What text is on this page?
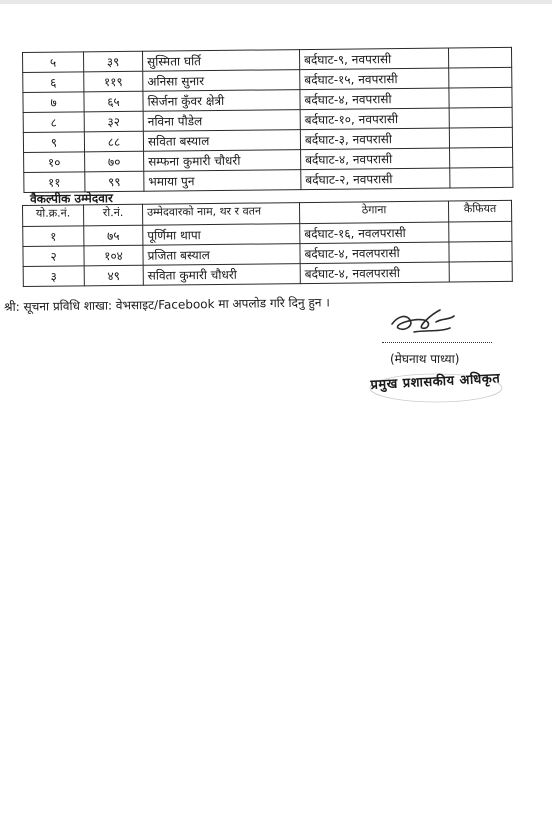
५	३९	सुस्मिता घर्ति	बर्दघाट-९, नवपरासी	
६	११९	अनिसा सुनार	बर्दघाट-१५, नवपरासी	
७	६५	सिर्जना कुँवर क्षेत्री	बर्दघाट-४, नवपरासी	
८	३२	नविना पौडेल	बर्दघाट-१०, नवपरासी	
९	८८	सविता बस्याल	बर्दघाट-३, नवपरासी	
१०	७०	सम्फना कुमारी चौधरी	बर्दघाट-४, नवपरासी	
११	९९	भमाया पुन	बर्दघाट-२, नवपरासी	
वैकल्पीक उम्मेदवार
यो.क्र.नं.	रो.नं.	उम्मेदवारको नाम, थर र वतन	ठेगाना	कैफियत
१	७५	पूर्णिमा थापा	बर्दघाट-१६, नवलपरासी	
२	१०४	प्रजिता बस्याल	बर्दघाट-४, नवलपरासी	
३	४९	सविता कुमारी चौधरी	बर्दघाट-४, नवलपरासी	
श्री: सूचना प्रविधि शाखा: वेभसाइट/Facebook मा अपलोड गरि दिनु हुन ।
(मेघनाथ पाध्या)
प्रमुख प्रशासकीय अधिकृत
